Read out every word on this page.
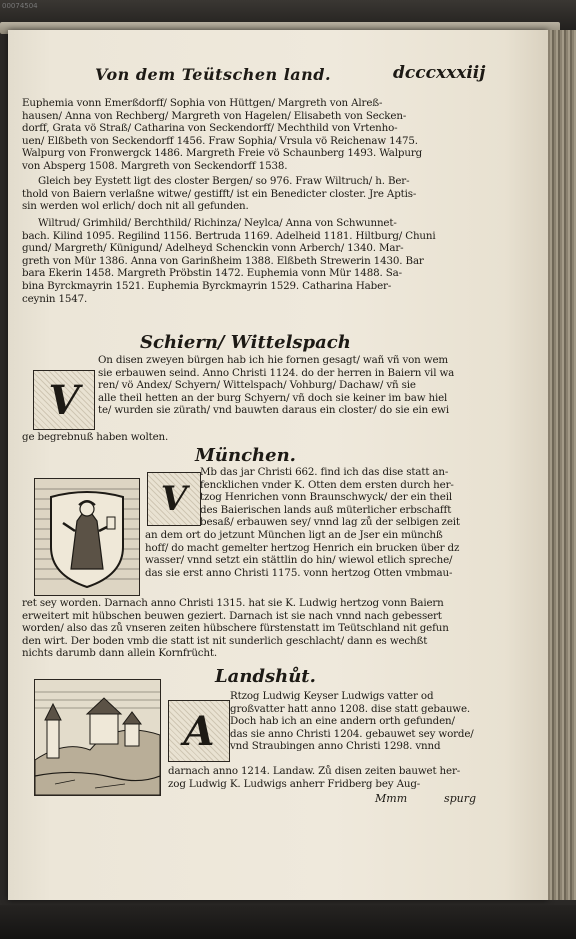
00074504
Von dem Teütschen land.	dcccxxxiij
Euphemia vonn Emerßdorff/ Sophia von Hüttgen/ Margreth von Alreß-
hausen/ Anna von Rechberg/ Margreth von Hagelen/ Elisabeth von Secken-
dorff, Grata vö Straß/ Catharina von Seckendorff/ Mechthild von Vrtenho-
uen/ Elßbeth von Seckendorff 1456. Fraw Sophia/ Vrsula vö Reichenaw 1475.
Walpurg von Fronwergck 1486. Margreth Freie vö Schaunberg 1493. Walpurg
von Absperg 1508. Margreth von Seckendorff 1538.
Gleich bey Eystett ligt des closter Bergen/ so 976. Fraw Wiltruch/ h. Ber-
thold von Baiern verlaßne witwe/ gestifft/ ist ein Benedicter closter. Jre Aptis-
sin werden wol erlich/ doch nit all gefunden.
Wiltrud/ Grimhild/ Berchthild/ Richinza/ Neylca/ Anna von Schwunnet-
bach. Kilind 1095. Regilind 1156. Bertruda 1169. Adelheid 1181. Hiltburg/ Chuni
gund/ Margreth/ Künigund/ Adelheyd Schenckin vonn Arberch/ 1340. Mar-
greth von Mür 1386. Anna von Garinßheim 1388. Elßbeth Strewerin 1430. Bar
bara Ekerin 1458. Margreth Pröbstin 1472. Euphemia vonn Mür 1488. Sa-
bina Byrckmayrin 1521. Euphemia Byrckmayrin 1529. Catharina Haber-
ceynin 1547.
Schiern/ Wittelspach
V
On disen zweyen bürgen hab ich hie fornen gesagt/ wañ vñ von wem
sie erbauwen seind. Anno Christi 1124. do der herren in Baiern vil wa
ren/ vö Andex/ Schyern/ Wittelspach/ Vohburg/ Dachaw/ vñ sie
alle theil hetten an der burg Schyern/ vñ doch sie keiner im baw hiel
te/ wurden sie zürath/ vnd bauwten daraus ein closter/ do sie ein ewi
ge begrebnuß haben wolten.
München.
V
Mb das jar Christi 662. find ich das dise statt an-
fencklichen vnder K. Otten dem ersten durch her-
tzog Henrichen vonn Braunschwyck/ der ein theil
des Baierischen lands auß müterlicher erbschafft
besaß/ erbauwen sey/ vnnd lag zů der selbigen zeit
an dem ort do jetzunt München ligt an de Jser ein münchß
hoff/ do macht gemelter hertzog Henrich ein brucken über dz
wasser/ vnnd setzt ein stättlin do hin/ wiewol etlich spreche/
das sie erst anno Christi 1175. vonn hertzog Otten vmbmau-
ret sey worden. Darnach anno Christi 1315. hat sie K. Ludwig hertzog vonn Baiern
erweitert mit hübschen beuwen geziert. Darnach ist sie nach vnnd nach gebessert
worden/ also das zů vnseren zeiten hübschere fürstenstatt im Teütschland nit gefun
den wirt. Der boden vmb die statt ist nit sunderlich geschlacht/ dann es wechßt
nichts darumb dann allein Kornfrücht.
Landshůt.
A
Rtzog Ludwig Keyser Ludwigs vatter od
großvatter hatt anno 1208. dise statt gebauwe.
Doch hab ich an eine andern orth gefunden/
das sie anno Christi 1204. gebauwet sey worde/
vnd Straubingen anno Christi 1298. vnnd
darnach anno 1214. Landaw. Zů disen zeiten bauwet her-
zog Ludwig K. Ludwigs anherr Fridberg bey Aug-
Mmm	spurg
